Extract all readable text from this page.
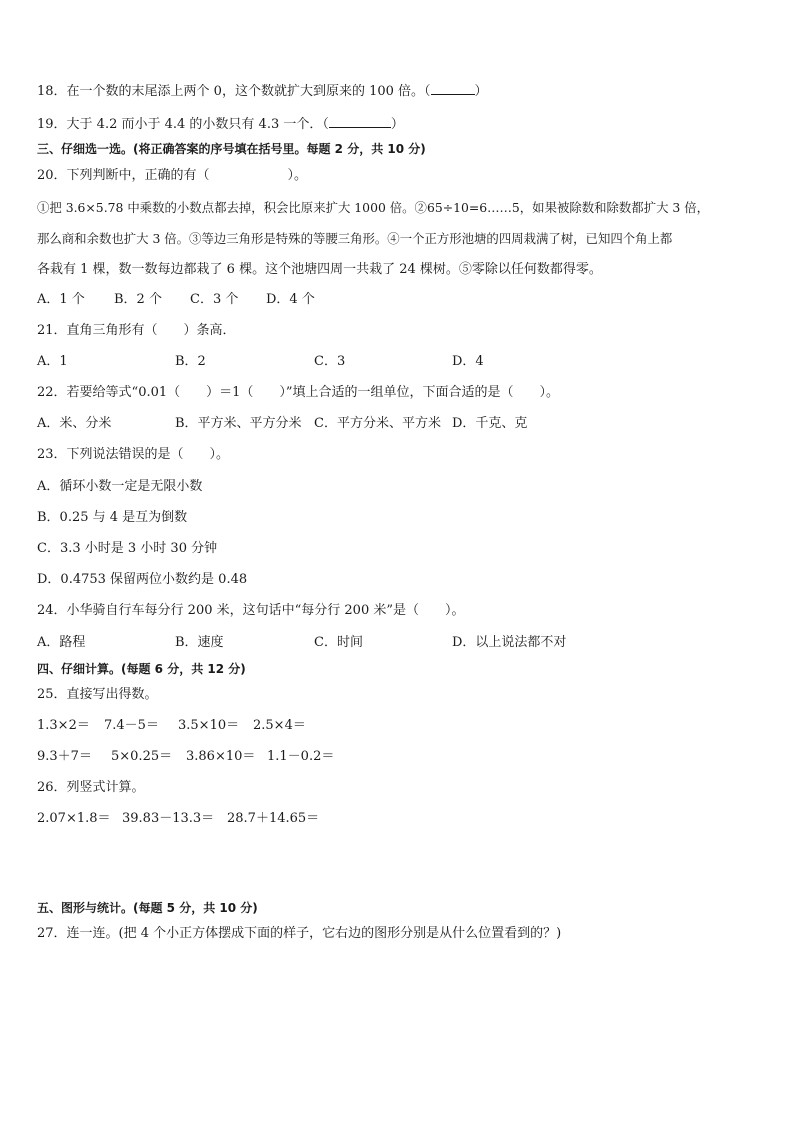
18．在一个数的末尾添上两个 0，这个数就扩大到原来的 100 倍。（	）
19．大于 4.2 而小于 4.4 的小数只有 4.3 一个．（	）
三、仔细选一选。(将正确答案的序号填在括号里。每题 2 分，共 10 分)
20．下列判断中，正确的有（	）。
①把 3.6×5.78 中乘数的小数点都去掉，积会比原来扩大 1000 倍。②65÷10=6……5，如果被除数和除数都扩大 3 倍，
那么商和余数也扩大 3 倍。③等边三角形是特殊的等腰三角形。④一个正方形池塘的四周栽满了树，已知四个角上都
各栽有 1 棵，数一数每边都栽了 6 棵。这个池塘四周一共栽了 24 棵树。⑤零除以任何数都得零。
A．1 个 B．2 个 C．3 个 D．4 个
21．直角三角形有（　　）条高．
A．1	B．2	C．3	D．4
22．若要给等式“0.01（　　）＝1（　　）”填上合适的一组单位，下面合适的是（　　）。
A．米、分米	B．平方米、平方分米 C．平方分米、平方米 D．千克、克
23．下列说法错误的是（　　）。
A．循环小数一定是无限小数
B．0.25 与 4 是互为倒数
C．3.3 小时是 3 小时 30 分钟
D．0.4753 保留两位小数约是 0.48
24．小华骑自行车每分行 200 米，这句话中“每分行 200 米”是（　　）。
A．路程	B．速度	C．时间	D．以上说法都不对
四、仔细计算。(每题 6 分，共 12 分)
25．直接写出得数。
1.3×2＝ 7.4－5＝ 3.5×10＝ 2.5×4＝
9.3＋7＝ 5×0.25＝ 3.86×10＝ 1.1－0.2＝
26．列竖式计算。
2.07×1.8＝ 39.83－13.3＝ 28.7＋14.65＝
五、图形与统计。(每题 5 分，共 10 分)
27．连一连。(把 4 个小正方体摆成下面的样子，它右边的图形分别是从什么位置看到的？)
